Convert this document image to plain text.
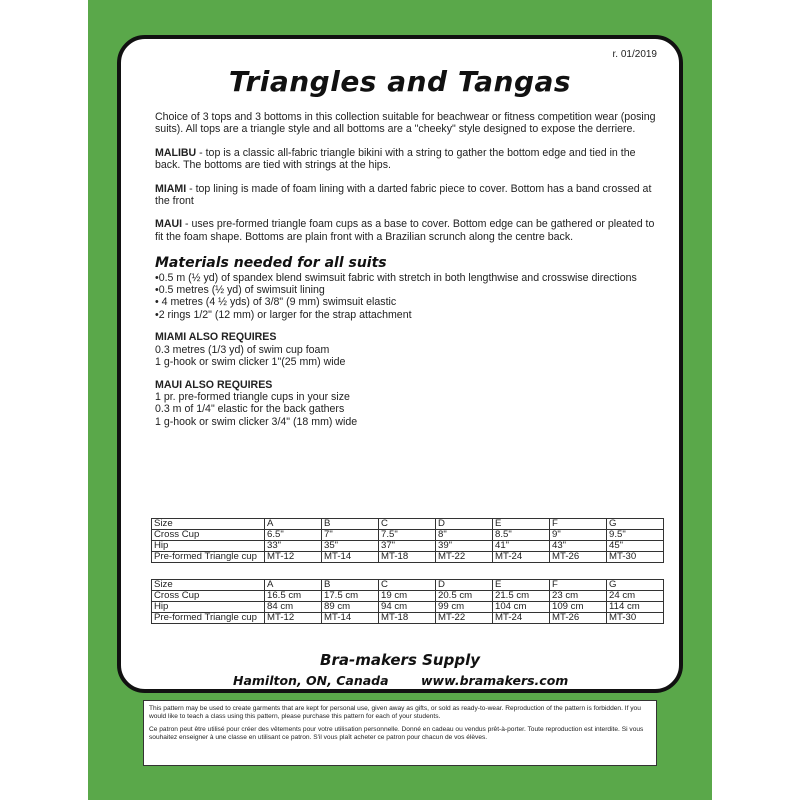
r. 01/2019
Triangles and Tangas

Choice of 3 tops and 3 bottoms in this collection suitable for beachwear or fitness competition wear (posing suits). All tops are a triangle style and all bottoms are a "cheeky" style designed to expose the derriere.

MALIBU - top is a classic all-fabric triangle bikini with a string to gather the bottom edge and tied in the back. The bottoms are tied with strings at the hips.

MIAMI - top lining is made of foam lining with a darted fabric piece to cover. Bottom has a band crossed at the front

MAUI - uses pre-formed triangle foam cups as a base to cover. Bottom edge can be gathered or pleated to fit the foam shape. Bottoms are plain front with a Brazilian scrunch along the centre back.

Materials needed for all suits
•0.5 m (½ yd) of spandex blend swimsuit fabric with stretch in both lengthwise and crosswise directions
•0.5 metres (½ yd) of swimsuit lining
• 4 metres (4 ½ yds) of 3/8" (9 mm) swimsuit elastic
•2 rings 1/2" (12 mm) or larger for the strap attachment
MIAMI ALSO REQUIRES
0.3 metres (1/3 yd) of swim cup foam
1 g-hook or swim clicker 1"(25 mm) wide
MAUI ALSO REQUIRES
1 pr. pre-formed triangle cups in your size
0.3 m of 1/4" elastic for the back gathers
1 g-hook or swim clicker 3/4" (18 mm) wide
Size	A	B	C	D	E	F	G
Cross Cup	6.5"	7"	7.5"	8"	8.5"	9"	9.5"
Hip	33"	35"	37"	39"	41"	43"	45"
Pre-formed Triangle cup	MT-12	MT-14	MT-18	MT-22	MT-24	MT-26	MT-30
Size	A	B	C	D	E	F	G
Cross Cup	16.5 cm	17.5 cm	19 cm	20.5 cm	21.5 cm	23 cm	24 cm
Hip	84 cm	89 cm	94 cm	99 cm	104 cm	109 cm	114 cm
Pre-formed Triangle cup	MT-12	MT-14	MT-18	MT-22	MT-24	MT-26	MT-30
Bra-makers Supply
Hamilton, ON, Canada	www.bramakers.com

This pattern may be used to create garments that are kept for personal use, given away as gifts, or sold as ready-to-wear. Reproduction of the pattern is forbidden. If you would like to teach a class using this pattern, please purchase this pattern for each of your students.

Ce patron peut être utilisé pour créer des vêtements pour votre utilisation personnelle. Donné en cadeau ou vendus prêt-à-porter. Toute reproduction est interdite. Si vous souhaitez enseigner à une classe en utilisant ce patron. S'il vous plaît acheter ce patron pour chacun de vos élèves.
